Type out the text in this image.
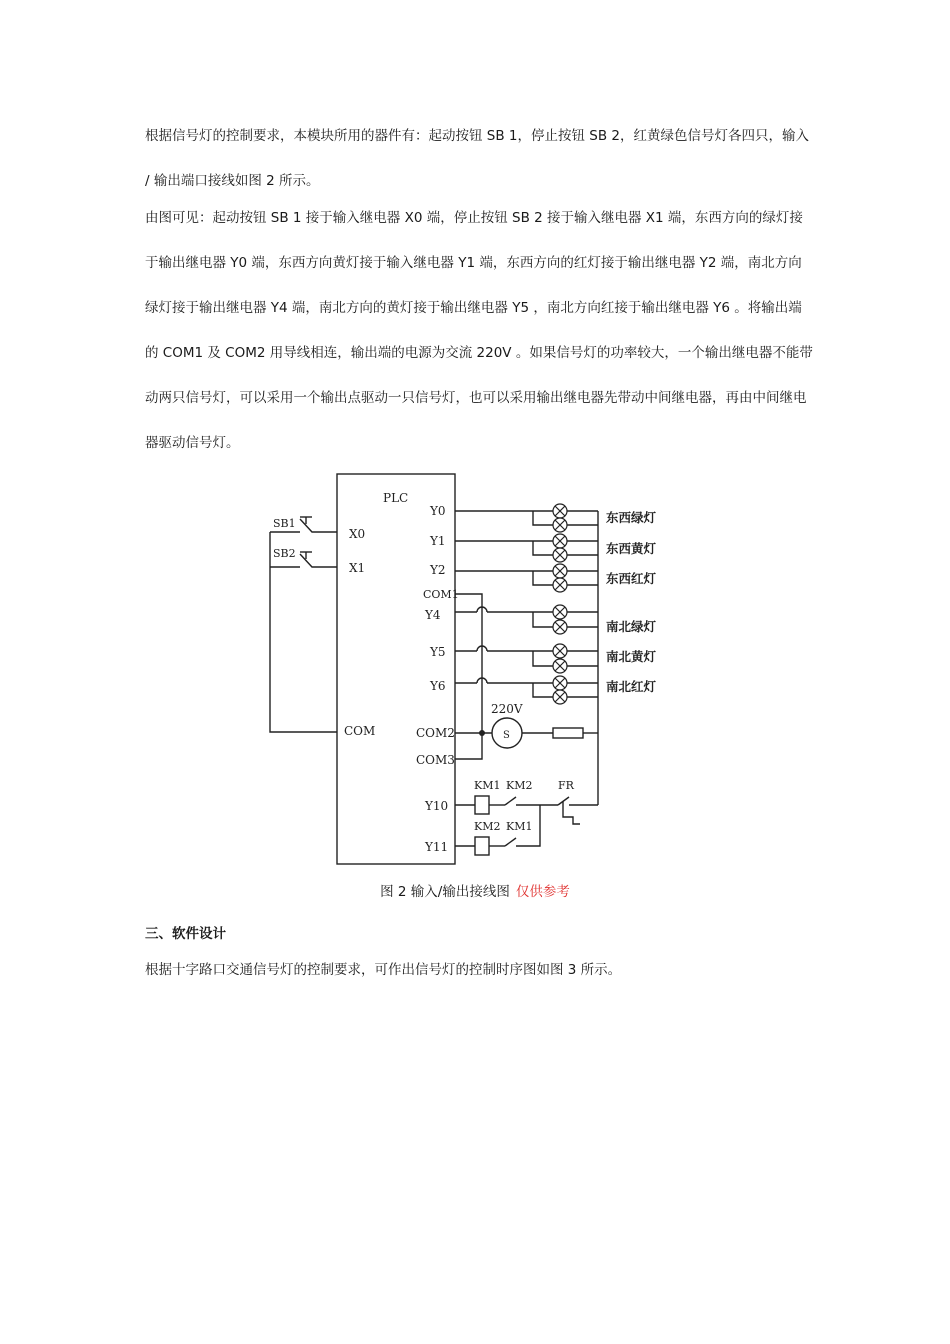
根据信号灯的控制要求，本模块所用的器件有：起动按钮 SB 1，停止按钮 SB 2，红黄绿色信号灯各四只，输入 / 输出端口接线如图 2 所示。

由图可见：起动按钮 SB 1 接于输入继电器 X0 端，停止按钮 SB 2 接于输入继电器 X1 端，东西方向的绿灯接于输出继电器 Y0 端，东西方向黄灯接于输入继电器 Y1 端，东西方向的红灯接于输出继电器 Y2 端，南北方向绿灯接于输出继电器 Y4 端，南北方向的黄灯接于输出继电器 Y5 ，南北方向红接于输出继电器 Y6 。将输出端的 COM1 及 COM2 用导线相连，输出端的电源为交流 220V 。如果信号灯的功率较大，一个输出继电器不能带动两只信号灯，可以采用一个输出点驱动一只信号灯，也可以采用输出继电器先带动中间继电器，再由中间继电器驱动信号灯。

PLC
SB1
SB2
X0
X1
COM
Y0
Y1
Y2
COM1
Y4
Y5
Y6
COM2
COM3
Y10
Y11
220V
S
KM1 KM2
KM2 KM1
FR
东西绿灯
东西黄灯
东西红灯
南北绿灯
南北黄灯
南北红灯
图 2 输入/输出接线图 仅供参考
三、软件设计

根据十字路口交通信号灯的控制要求，可作出信号灯的控制时序图如图 3 所示。
